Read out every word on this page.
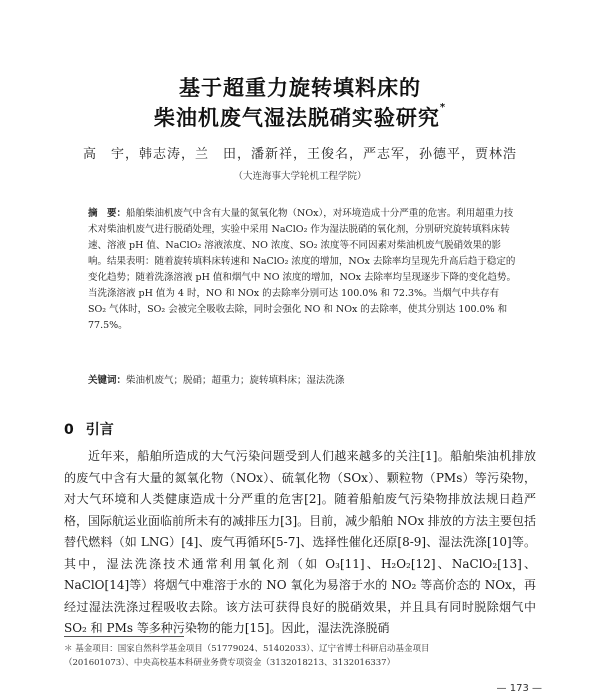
基于超重力旋转填料床的
柴油机废气湿法脱硝实验研究*
高　宇，韩志涛，兰　田，潘新祥，王俊名，严志军，孙德平，贾林浩
（大连海事大学轮机工程学院）
摘　要：船舶柴油机废气中含有大量的氮氧化物（NOx），对环境造成十分严重的危害。利用超重力技术对柴油机废气进行脱硝处理，实验中采用 NaClO₂ 作为湿法脱硝的氧化剂，分别研究旋转填料床转速、溶液 pH 值、NaClO₂ 溶液浓度、NO 浓度、SO₂ 浓度等不同因素对柴油机废气脱硝效果的影响。结果表明：随着旋转填料床转速和 NaClO₂ 浓度的增加，NOx 去除率均呈现先升高后趋于稳定的变化趋势；随着洗涤溶液 pH 值和烟气中 NO 浓度的增加，NOx 去除率均呈现逐步下降的变化趋势。当洗涤溶液 pH 值为 4 时，NO 和 NOx 的去除率分别可达 100.0% 和 72.3%。当烟气中共存有 SO₂ 气体时，SO₂ 会被完全吸收去除，同时会强化 NO 和 NOx 的去除率，使其分别达 100.0% 和 77.5%。
关键词：柴油机废气；脱硝；超重力；旋转填料床；湿法洗涤
0 引言

近年来，船舶所造成的大气污染问题受到人们越来越多的关注[1]。船舶柴油机排放的废气中含有大量的氮氧化物（NOx）、硫氧化物（SOx）、颗粒物（PMs）等污染物，对大气环境和人类健康造成十分严重的危害[2]。随着船舶废气污染物排放法规日趋严格，国际航运业面临前所未有的减排压力[3]。目前，减少船舶 NOx 排放的方法主要包括替代燃料（如 LNG）[4]、废气再循环[5-7]、选择性催化还原[8-9]、湿法洗涤[10]等。其中，湿法洗涤技术通常利用氧化剂（如 O₃[11]、H₂O₂[12]、NaClO₂[13]、NaClO[14]等）将烟气中难溶于水的 NO 氧化为易溶于水的 NO₂ 等高价态的 NOx，再经过湿法洗涤过程吸收去除。该方法可获得良好的脱硝效果，并且具有同时脱除烟气中 SO₂ 和 PMs 等多种污染物的能力[15]。因此，湿法洗涤脱硝

＊ 基金项目：国家自然科学基金项目（51779024、51402033）、辽宁省博士科研启动基金项目

（201601073）、中央高校基本科研业务费专项资金（3132018213、3132016337）

— 173 —
